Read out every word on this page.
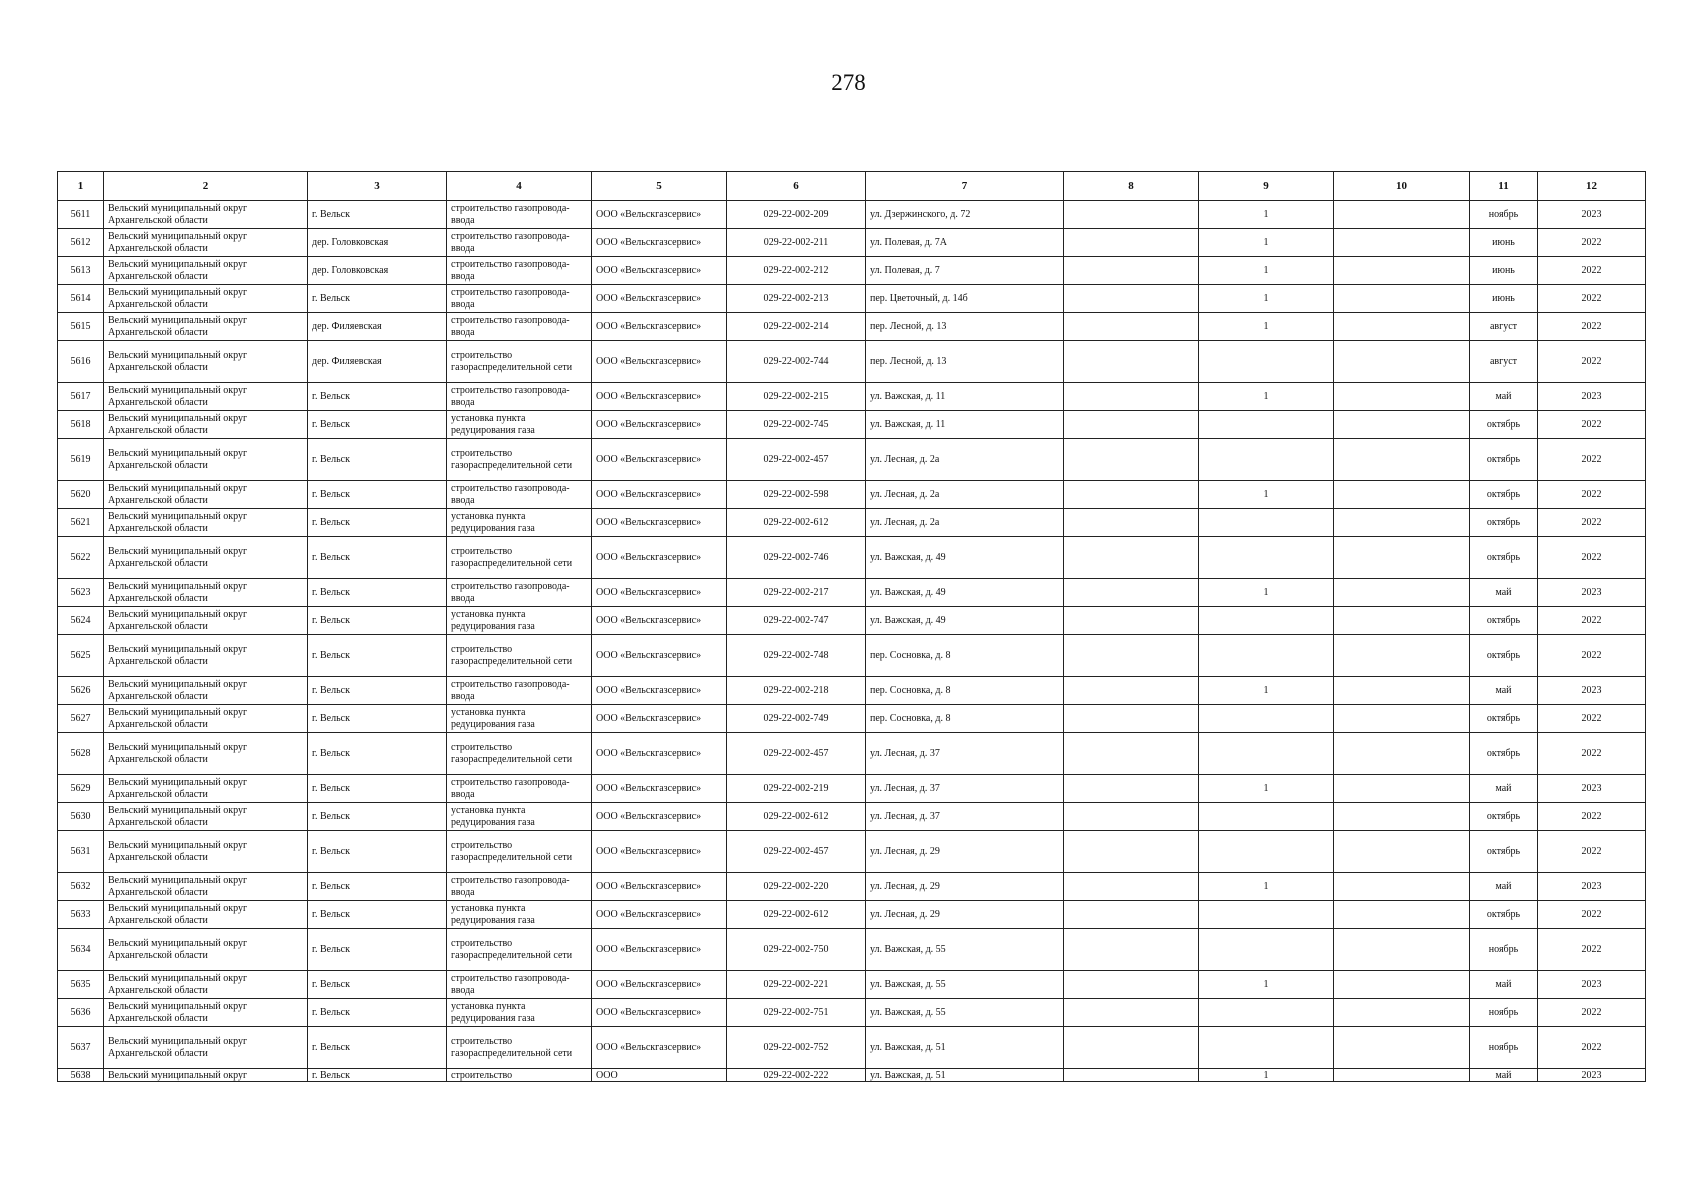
278
1	2	3	4	5	6	7	8	9	10	11	12
5611	Вельский муниципальный округ Архангельской области	г. Вельск	строительство газопровода-ввода	ООО «Вельскгазсервис»	029-22-002-209	ул. Дзержинского, д. 72		1		ноябрь	2023
5612	Вельский муниципальный округ Архангельской области	дер. Головковская	строительство газопровода-ввода	ООО «Вельскгазсервис»	029-22-002-211	ул. Полевая, д. 7А		1		июнь	2022
5613	Вельский муниципальный округ Архангельской области	дер. Головковская	строительство газопровода-ввода	ООО «Вельскгазсервис»	029-22-002-212	ул. Полевая, д. 7		1		июнь	2022
5614	Вельский муниципальный округ Архангельской области	г. Вельск	строительство газопровода-ввода	ООО «Вельскгазсервис»	029-22-002-213	пер. Цветочный, д. 14б		1		июнь	2022
5615	Вельский муниципальный округ Архангельской области	дер. Филяевская	строительство газопровода-ввода	ООО «Вельскгазсервис»	029-22-002-214	пер. Лесной, д. 13		1		август	2022
5616	Вельский муниципальный округ Архангельской области	дер. Филяевская	строительство газораспределительной сети	ООО «Вельскгазсервис»	029-22-002-744	пер. Лесной, д. 13				август	2022
5617	Вельский муниципальный округ Архангельской области	г. Вельск	строительство газопровода-ввода	ООО «Вельскгазсервис»	029-22-002-215	ул. Важская, д. 11		1		май	2023
5618	Вельский муниципальный округ Архангельской области	г. Вельск	установка пункта редуцирования газа	ООО «Вельскгазсервис»	029-22-002-745	ул. Важская, д. 11				октябрь	2022
5619	Вельский муниципальный округ Архангельской области	г. Вельск	строительство газораспределительной сети	ООО «Вельскгазсервис»	029-22-002-457	ул. Лесная, д. 2а				октябрь	2022
5620	Вельский муниципальный округ Архангельской области	г. Вельск	строительство газопровода-ввода	ООО «Вельскгазсервис»	029-22-002-598	ул. Лесная, д. 2а		1		октябрь	2022
5621	Вельский муниципальный округ Архангельской области	г. Вельск	установка пункта редуцирования газа	ООО «Вельскгазсервис»	029-22-002-612	ул. Лесная, д. 2а				октябрь	2022
5622	Вельский муниципальный округ Архангельской области	г. Вельск	строительство газораспределительной сети	ООО «Вельскгазсервис»	029-22-002-746	ул. Важская, д. 49				октябрь	2022
5623	Вельский муниципальный округ Архангельской области	г. Вельск	строительство газопровода-ввода	ООО «Вельскгазсервис»	029-22-002-217	ул. Важская, д. 49		1		май	2023
5624	Вельский муниципальный округ Архангельской области	г. Вельск	установка пункта редуцирования газа	ООО «Вельскгазсервис»	029-22-002-747	ул. Важская, д. 49				октябрь	2022
5625	Вельский муниципальный округ Архангельской области	г. Вельск	строительство газораспределительной сети	ООО «Вельскгазсервис»	029-22-002-748	пер. Сосновка, д. 8				октябрь	2022
5626	Вельский муниципальный округ Архангельской области	г. Вельск	строительство газопровода-ввода	ООО «Вельскгазсервис»	029-22-002-218	пер. Сосновка, д. 8		1		май	2023
5627	Вельский муниципальный округ Архангельской области	г. Вельск	установка пункта редуцирования газа	ООО «Вельскгазсервис»	029-22-002-749	пер. Сосновка, д. 8				октябрь	2022
5628	Вельский муниципальный округ Архангельской области	г. Вельск	строительство газораспределительной сети	ООО «Вельскгазсервис»	029-22-002-457	ул. Лесная, д. 37				октябрь	2022
5629	Вельский муниципальный округ Архангельской области	г. Вельск	строительство газопровода-ввода	ООО «Вельскгазсервис»	029-22-002-219	ул. Лесная, д. 37		1		май	2023
5630	Вельский муниципальный округ Архангельской области	г. Вельск	установка пункта редуцирования газа	ООО «Вельскгазсервис»	029-22-002-612	ул. Лесная, д. 37				октябрь	2022
5631	Вельский муниципальный округ Архангельской области	г. Вельск	строительство газораспределительной сети	ООО «Вельскгазсервис»	029-22-002-457	ул. Лесная, д. 29				октябрь	2022
5632	Вельский муниципальный округ Архангельской области	г. Вельск	строительство газопровода-ввода	ООО «Вельскгазсервис»	029-22-002-220	ул. Лесная, д. 29		1		май	2023
5633	Вельский муниципальный округ Архангельской области	г. Вельск	установка пункта редуцирования газа	ООО «Вельскгазсервис»	029-22-002-612	ул. Лесная, д. 29				октябрь	2022
5634	Вельский муниципальный округ Архангельской области	г. Вельск	строительство газораспределительной сети	ООО «Вельскгазсервис»	029-22-002-750	ул. Важская, д. 55				ноябрь	2022
5635	Вельский муниципальный округ Архангельской области	г. Вельск	строительство газопровода-ввода	ООО «Вельскгазсервис»	029-22-002-221	ул. Важская, д. 55		1		май	2023
5636	Вельский муниципальный округ Архангельской области	г. Вельск	установка пункта редуцирования газа	ООО «Вельскгазсервис»	029-22-002-751	ул. Важская, д. 55				ноябрь	2022
5637	Вельский муниципальный округ Архангельской области	г. Вельск	строительство газораспределительной сети	ООО «Вельскгазсервис»	029-22-002-752	ул. Важская, д. 51				ноябрь	2022
5638	Вельский муниципальный округ	г. Вельск	строительство	ООО	029-22-002-222	ул. Важская, д. 51		1		май	2023
